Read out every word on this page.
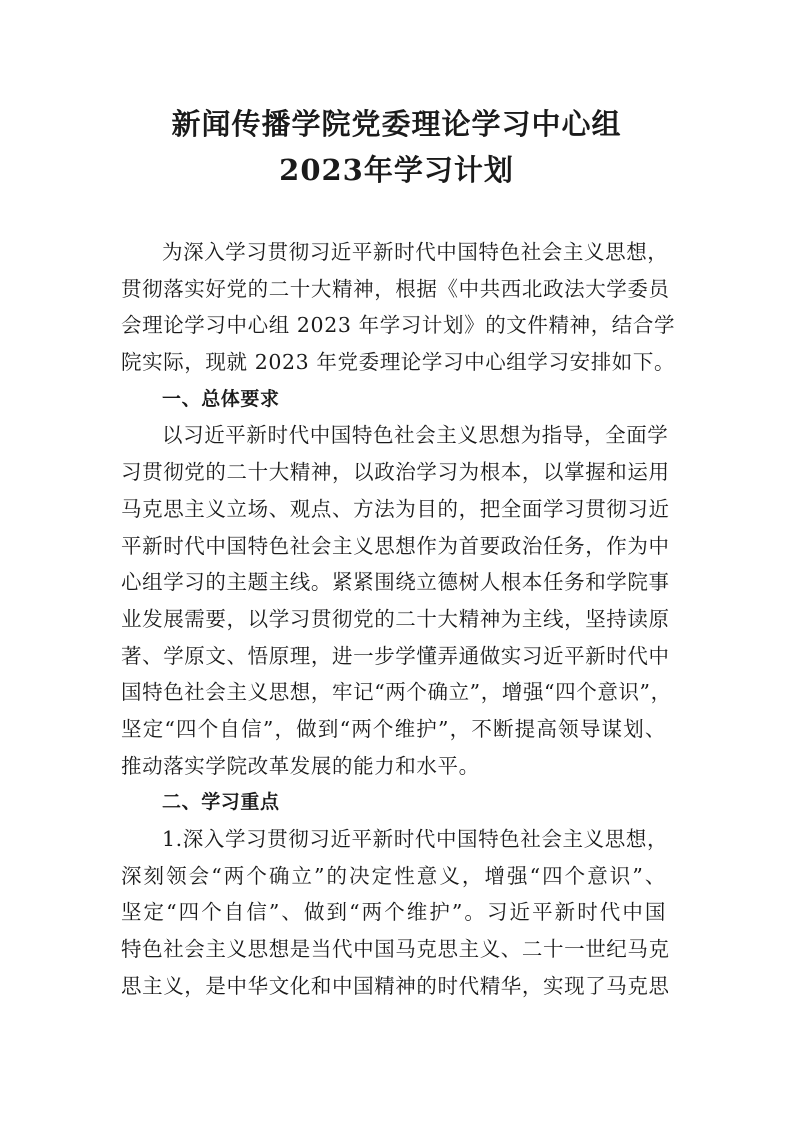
新闻传播学院党委理论学习中心组
2023年学习计划
为深入学习贯彻习近平新时代中国特色社会主义思想，
贯彻落实好党的二十大精神，根据《中共西北政法大学委员
会理论学习中心组 2023 年学习计划》的文件精神，结合学
院实际，现就 2023 年党委理论学习中心组学习安排如下。
一、总体要求
以习近平新时代中国特色社会主义思想为指导，全面学
习贯彻党的二十大精神，以政治学习为根本，以掌握和运用
马克思主义立场、观点、方法为目的，把全面学习贯彻习近
平新时代中国特色社会主义思想作为首要政治任务，作为中
心组学习的主题主线。紧紧围绕立德树人根本任务和学院事
业发展需要，以学习贯彻党的二十大精神为主线，坚持读原
著、学原文、悟原理，进一步学懂弄通做实习近平新时代中
国特色社会主义思想，牢记“两个确立”，增强“四个意识”，
坚定“四个自信”，做到“两个维护”，不断提高领导谋划、
推动落实学院改革发展的能力和水平。
二、学习重点
1.深入学习贯彻习近平新时代中国特色社会主义思想，
深刻领会“两个确立”的决定性意义，增强“四个意识”、
坚定“四个自信”、做到“两个维护”。习近平新时代中国
特色社会主义思想是当代中国马克思主义、二十一世纪马克
思主义，是中华文化和中国精神的时代精华，实现了马克思
